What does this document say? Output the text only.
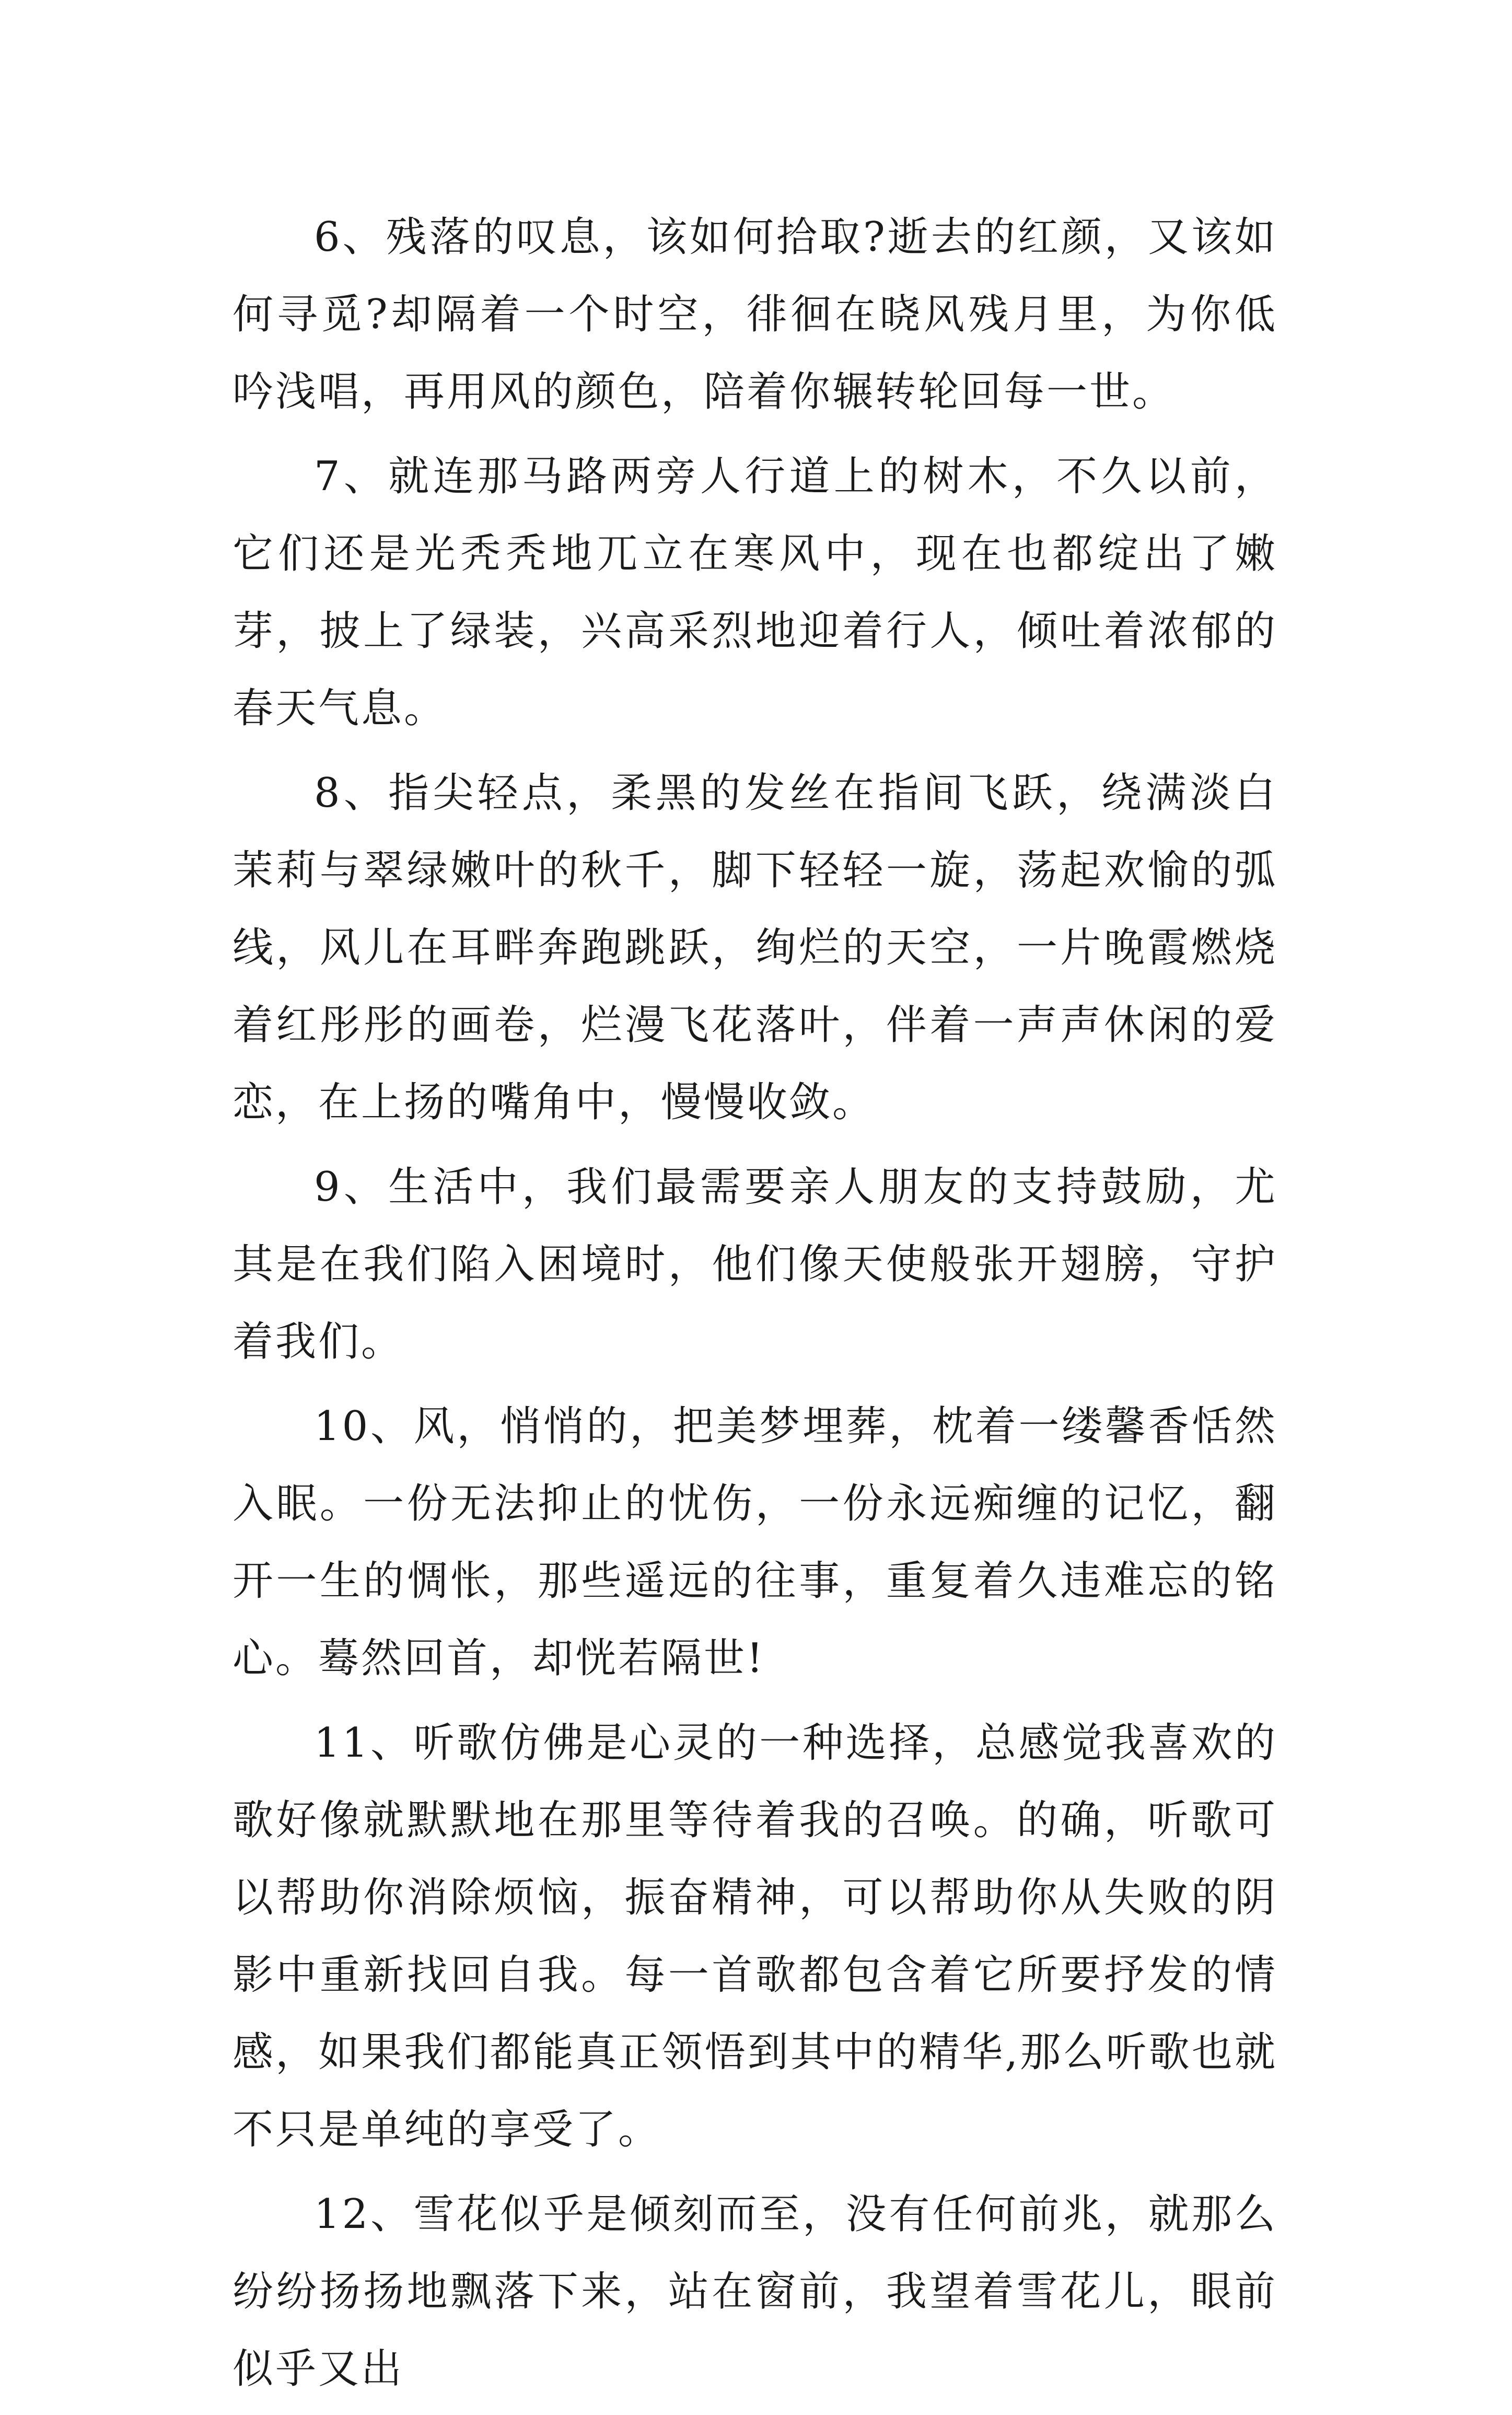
6、残落的叹息，该如何拾取?逝去的红颜，又该如何寻觅?却隔着一个时空，徘徊在晓风残月里，为你低吟浅唱，再用风的颜色，陪着你辗转轮回每一世。

7、就连那马路两旁人行道上的树木，不久以前，它们还是光秃秃地兀立在寒风中，现在也都绽出了嫩芽，披上了绿装，兴高采烈地迎着行人，倾吐着浓郁的春天气息。

8、指尖轻点，柔黑的发丝在指间飞跃，绕满淡白茉莉与翠绿嫩叶的秋千，脚下轻轻一旋，荡起欢愉的弧线，风儿在耳畔奔跑跳跃，绚烂的天空，一片晚霞燃烧着红彤彤的画卷，烂漫飞花落叶，伴着一声声休闲的爱恋，在上扬的嘴角中，慢慢收敛。

9、生活中，我们最需要亲人朋友的支持鼓励，尤其是在我们陷入困境时，他们像天使般张开翅膀，守护着我们。

10、风，悄悄的，把美梦埋葬，枕着一缕馨香恬然入眠。一份无法抑止的忧伤，一份永远痴缠的记忆，翻开一生的惆怅，那些遥远的往事，重复着久违难忘的铭心。蓦然回首，却恍若隔世!

11、听歌仿佛是心灵的一种选择，总感觉我喜欢的歌好像就默默地在那里等待着我的召唤。的确，听歌可以帮助你消除烦恼，振奋精神，可以帮助你从失败的阴影中重新找回自我。每一首歌都包含着它所要抒发的情感，如果我们都能真正领悟到其中的精华,那么听歌也就不只是单纯的享受了。

12、雪花似乎是倾刻而至，没有任何前兆，就那么纷纷扬扬地飘落下来，站在窗前，我望着雪花儿，眼前似乎又出
